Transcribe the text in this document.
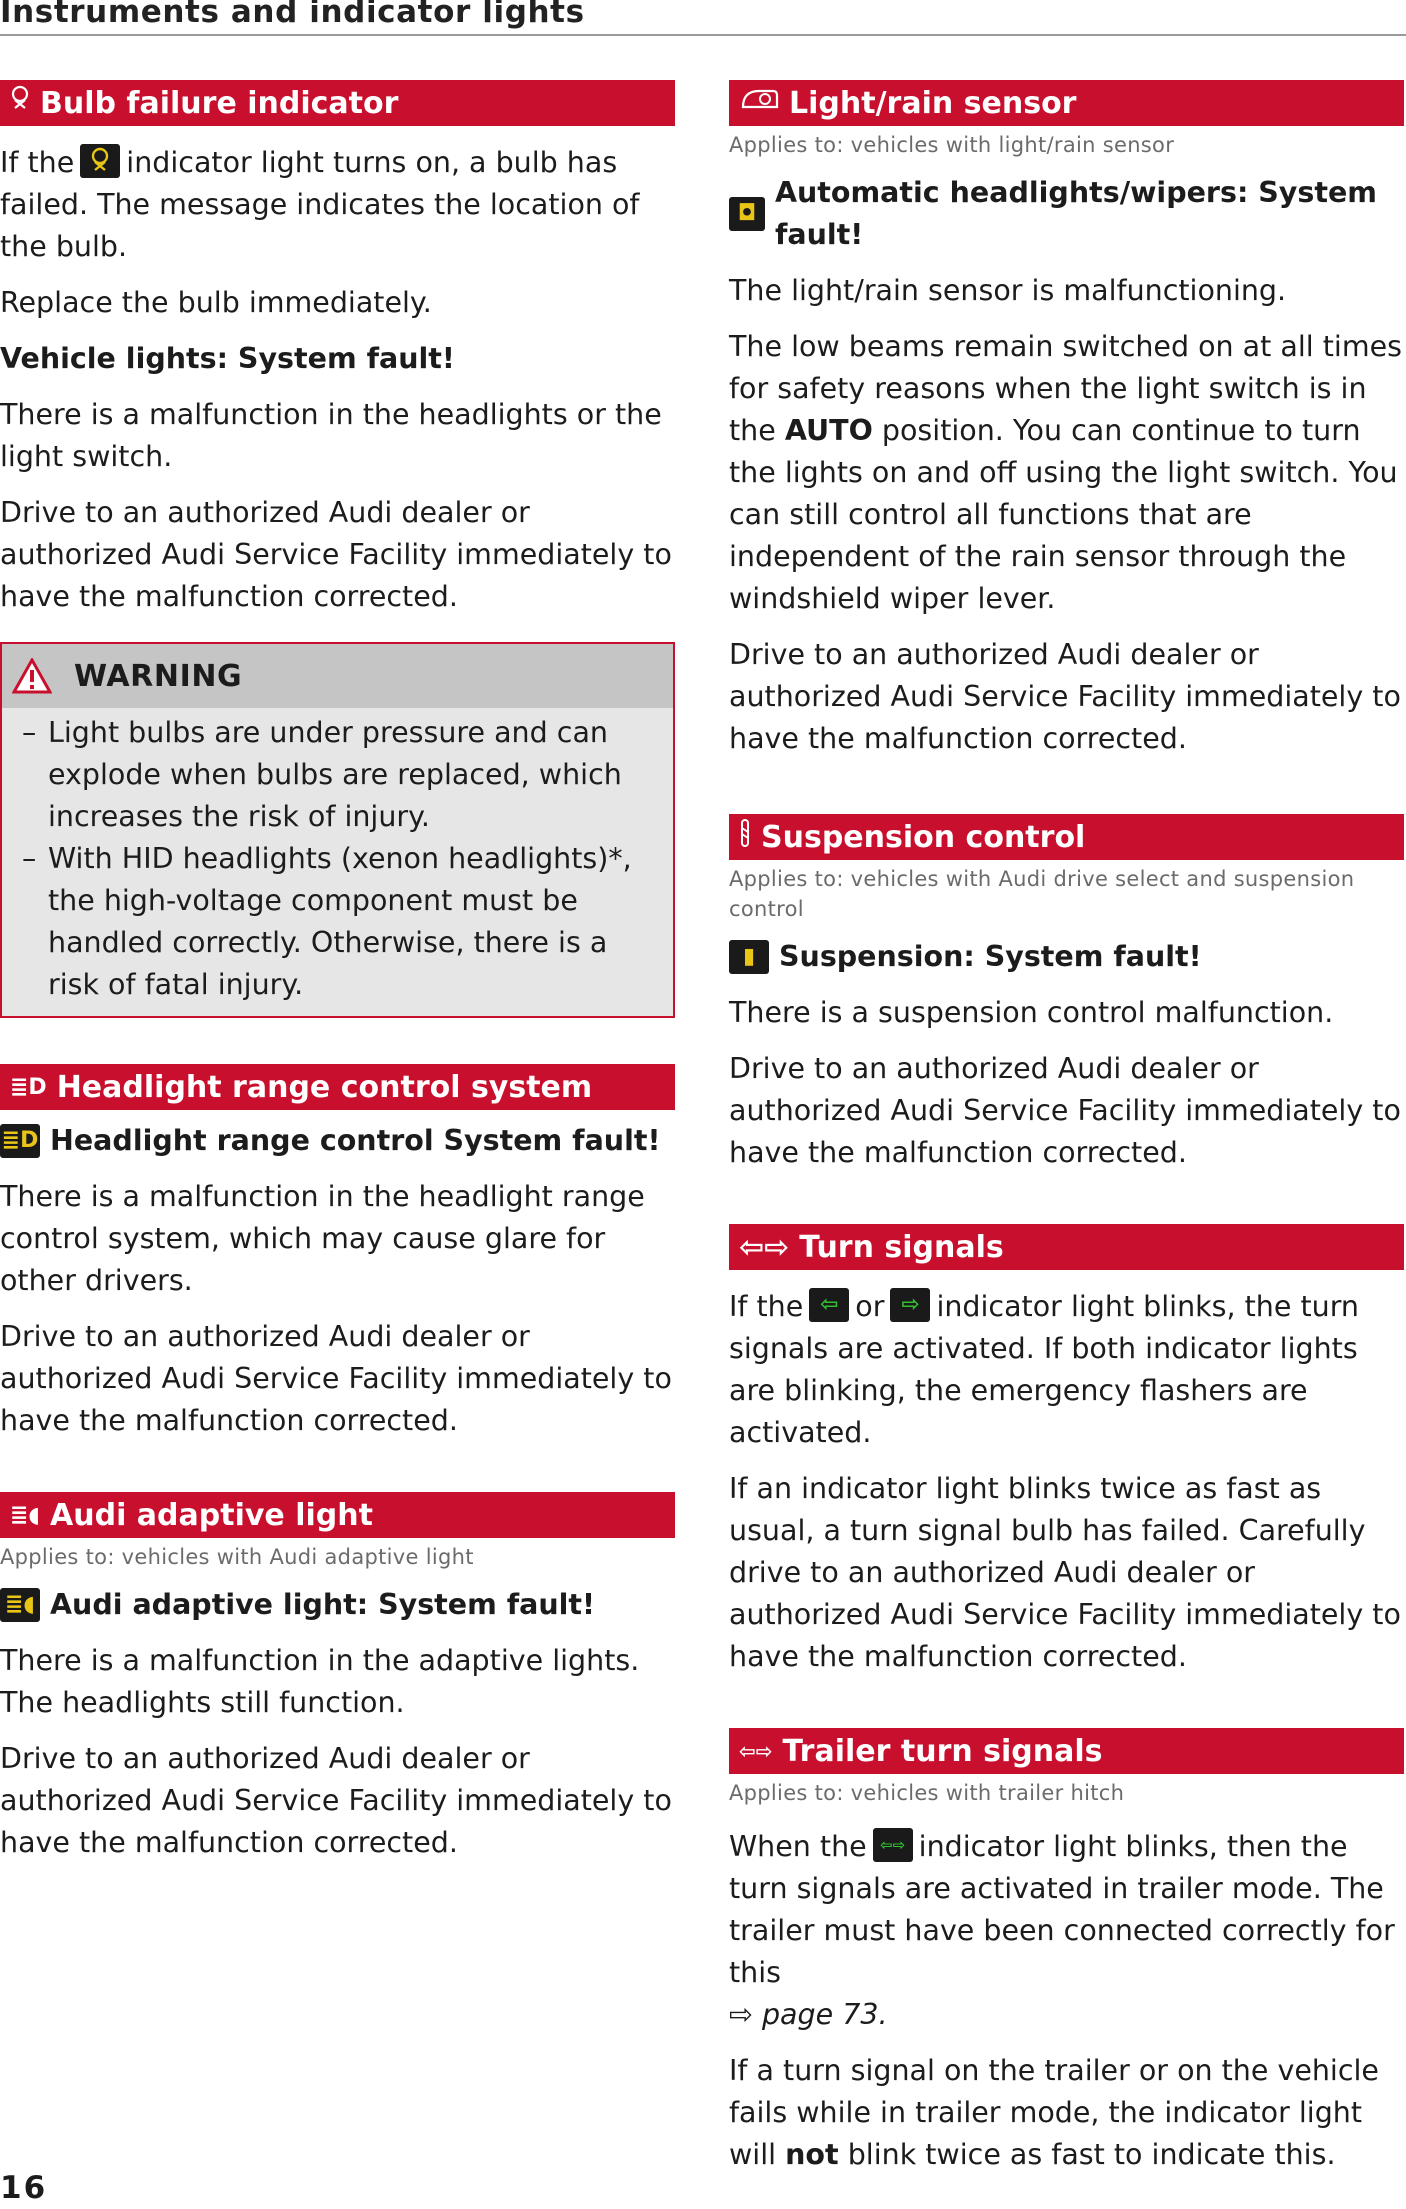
Instruments and indicator lights
Bulb failure indicator

If the indicator light turns on, a bulb has failed. The message indicates the location of the bulb.

Replace the bulb immediately.

Vehicle lights: System fault!

There is a malfunction in the headlights or the light switch.

Drive to an authorized Audi dealer or authorized Audi Service Facility immediately to have the malfunction corrected.

WARNING
– Light bulbs are under pressure and can explode when bulbs are replaced, which increases the risk of injury.
– With HID headlights (xenon headlights)*, the high-voltage component must be handled correctly. Otherwise, there is a risk of fatal injury.
≣D Headlight range control system
≣D Headlight range control System fault!

There is a malfunction in the headlight range control system, which may cause glare for other drivers.

Drive to an authorized Audi dealer or authorized Audi Service Facility immediately to have the malfunction corrected.

≣◖ Audi adaptive light
Applies to: vehicles with Audi adaptive light
≣◖ Audi adaptive light: System fault!

There is a malfunction in the adaptive lights. The headlights still function.

Drive to an authorized Audi dealer or authorized Audi Service Facility immediately to have the malfunction corrected.

Light/rain sensor
Applies to: vehicles with light/rain sensor
◘
Automatic headlights/wipers: System fault!

The light/rain sensor is malfunctioning.

The low beams remain switched on at all times for safety reasons when the light switch is in the AUTO position. You can continue to turn the lights on and off using the light switch. You can still control all functions that are independent of the rain sensor through the windshield wiper lever.

Drive to an authorized Audi dealer or authorized Audi Service Facility immediately to have the malfunction corrected.

Suspension control
Applies to: vehicles with Audi drive select and suspension control
▮ Suspension: System fault!

There is a suspension control malfunction.

Drive to an authorized Audi dealer or authorized Audi Service Facility immediately to have the malfunction corrected.

⇦⇨ Turn signals

If the ⇦ or ⇨ indicator light blinks, the turn signals are activated. If both indicator lights are blinking, the emergency flashers are activated.

If an indicator light blinks twice as fast as usual, a turn signal bulb has failed. Carefully drive to an authorized Audi dealer or authorized Audi Service Facility immediately to have the malfunction corrected.

⇦⇨ Trailer turn signals
Applies to: vehicles with trailer hitch

When the ⇦⇨ indicator light blinks, then the turn signals are activated in trailer mode. The trailer must have been connected correctly for this
⇨ page 73.

If a turn signal on the trailer or on the vehicle fails while in trailer mode, the indicator light will not blink twice as fast to indicate this.

16
